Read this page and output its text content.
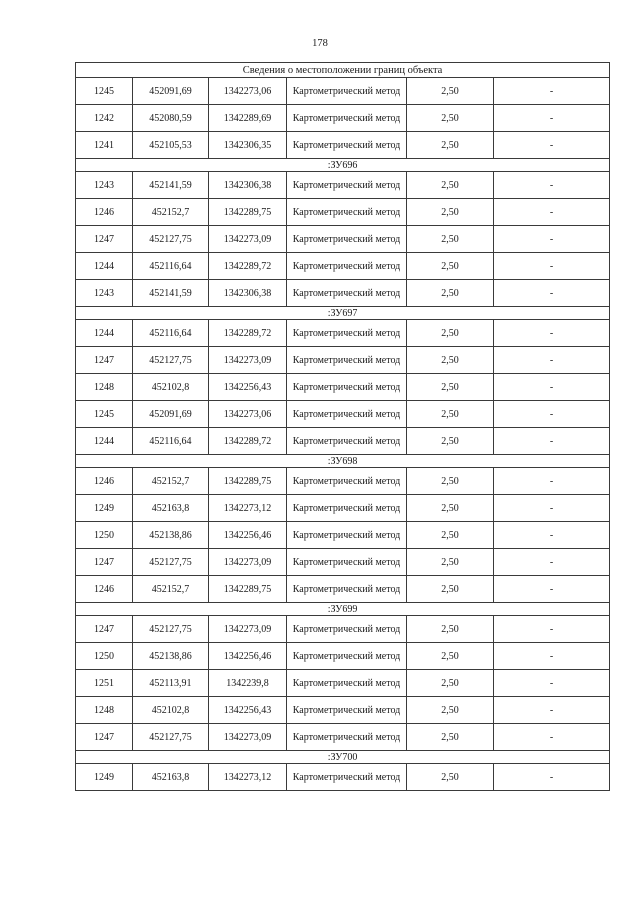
178
Сведения о местоположении границ объекта					
1245	452091,69	1342273,06	Картометрический метод	2,50	-
1242	452080,59	1342289,69	Картометрический метод	2,50	-
1241	452105,53	1342306,35	Картометрический метод	2,50	-
:ЗУ696					
1243	452141,59	1342306,38	Картометрический метод	2,50	-
1246	452152,7	1342289,75	Картометрический метод	2,50	-
1247	452127,75	1342273,09	Картометрический метод	2,50	-
1244	452116,64	1342289,72	Картометрический метод	2,50	-
1243	452141,59	1342306,38	Картометрический метод	2,50	-
:ЗУ697					
1244	452116,64	1342289,72	Картометрический метод	2,50	-
1247	452127,75	1342273,09	Картометрический метод	2,50	-
1248	452102,8	1342256,43	Картометрический метод	2,50	-
1245	452091,69	1342273,06	Картометрический метод	2,50	-
1244	452116,64	1342289,72	Картометрический метод	2,50	-
:ЗУ698					
1246	452152,7	1342289,75	Картометрический метод	2,50	-
1249	452163,8	1342273,12	Картометрический метод	2,50	-
1250	452138,86	1342256,46	Картометрический метод	2,50	-
1247	452127,75	1342273,09	Картометрический метод	2,50	-
1246	452152,7	1342289,75	Картометрический метод	2,50	-
:ЗУ699					
1247	452127,75	1342273,09	Картометрический метод	2,50	-
1250	452138,86	1342256,46	Картометрический метод	2,50	-
1251	452113,91	1342239,8	Картометрический метод	2,50	-
1248	452102,8	1342256,43	Картометрический метод	2,50	-
1247	452127,75	1342273,09	Картометрический метод	2,50	-
:ЗУ700					
1249	452163,8	1342273,12	Картометрический метод	2,50	-
